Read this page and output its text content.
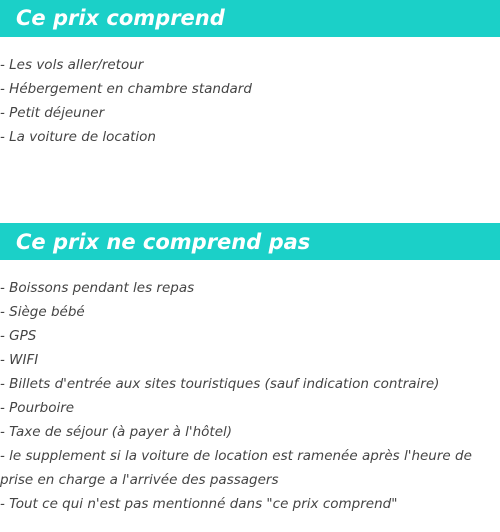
Ce prix comprend
- Les vols aller/retour
- Hébergement en chambre standard
- Petit déjeuner
- La voiture de location
Ce prix ne comprend pas
- Boissons pendant les repas
- Siège bébé
- GPS
- WIFI
- Billets d'entrée aux sites touristiques (sauf indication contraire)
- Pourboire
- Taxe de séjour (à payer à l'hôtel)
- le supplement si la voiture de location est ramenée après l'heure de prise en charge a l'arrivée des passagers
- Tout ce qui n'est pas mentionné dans "ce prix comprend"
